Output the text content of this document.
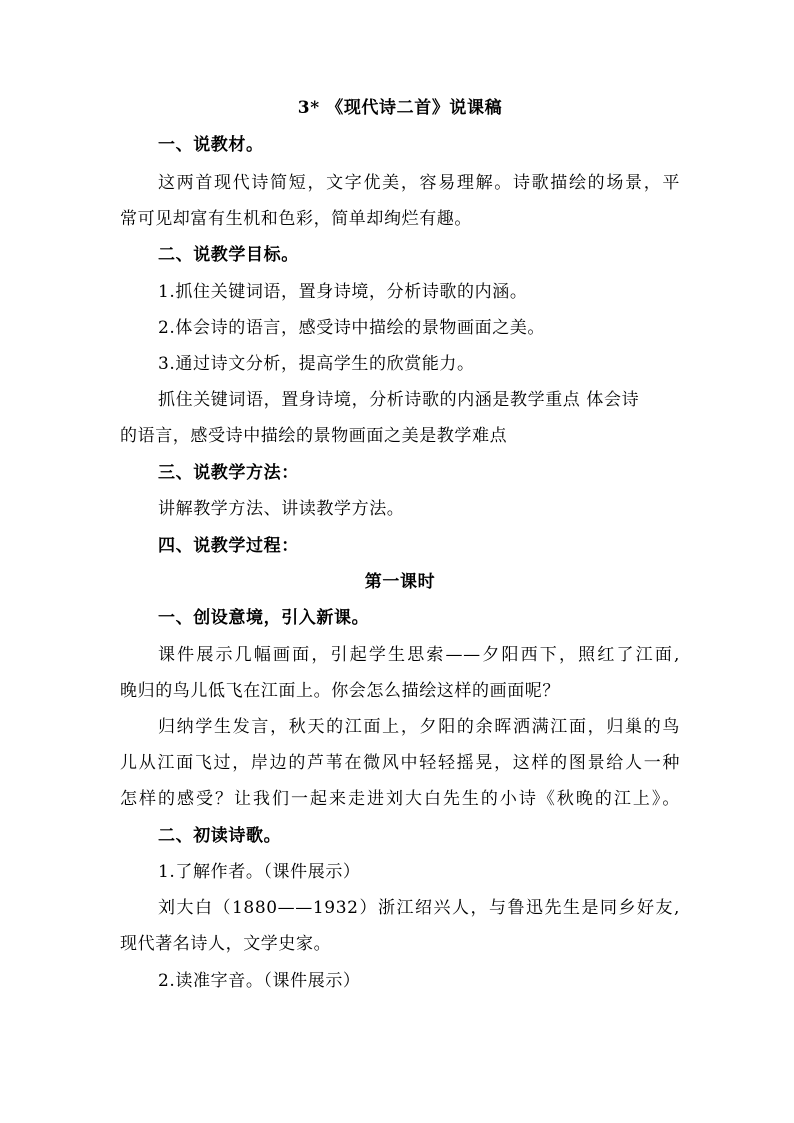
3* 《现代诗二首》说课稿
一、说教材。
这两首现代诗简短，文字优美，容易理解。诗歌描绘的场景，平
常可见却富有生机和色彩，简单却绚烂有趣。
二、说教学目标。
1.抓住关键词语，置身诗境，分析诗歌的内涵。
2.体会诗的语言，感受诗中描绘的景物画面之美。
3.通过诗文分析，提高学生的欣赏能力。
抓住关键词语，置身诗境，分析诗歌的内涵是教学重点 体会诗
的语言，感受诗中描绘的景物画面之美是教学难点
三、说教学方法：
讲解教学方法、讲读教学方法。
四、说教学过程：
第一课时
一、创设意境，引入新课。
课件展示几幅画面，引起学生思索——夕阳西下，照红了江面,
晚归的鸟儿低飞在江面上。你会怎么描绘这样的画面呢？
归纳学生发言，秋天的江面上，夕阳的余晖洒满江面，归巢的鸟
儿从江面飞过，岸边的芦苇在微风中轻轻摇晃，这样的图景给人一种
怎样的感受？让我们一起来走进刘大白先生的小诗《秋晚的江上》。
二、初读诗歌。
1.了解作者。（课件展示）
刘大白（1880——1932）浙江绍兴人，与鲁迅先生是同乡好友,
现代著名诗人，文学史家。
2.读准字音。（课件展示）
